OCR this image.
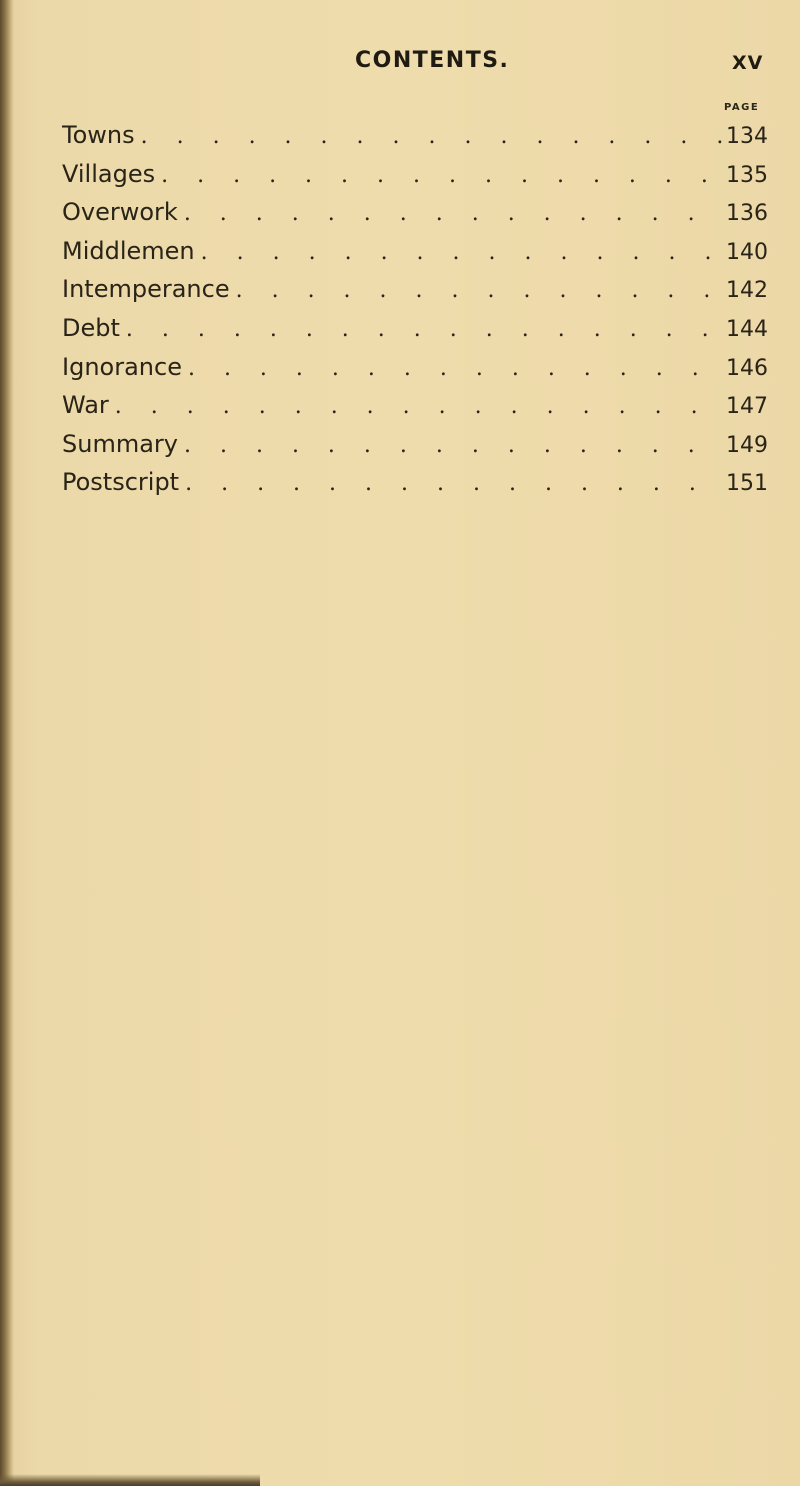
CONTENTS.	XV
PAGE
Towns . . .	134
Villages . . .	135
Overwork . . .	136
Middlemen . . .	140
Intemperance . . .	142
Debt . . .	144
Ignorance . . .	146
War . . .	147
Summary . . .	149
Postscript . . .	151
